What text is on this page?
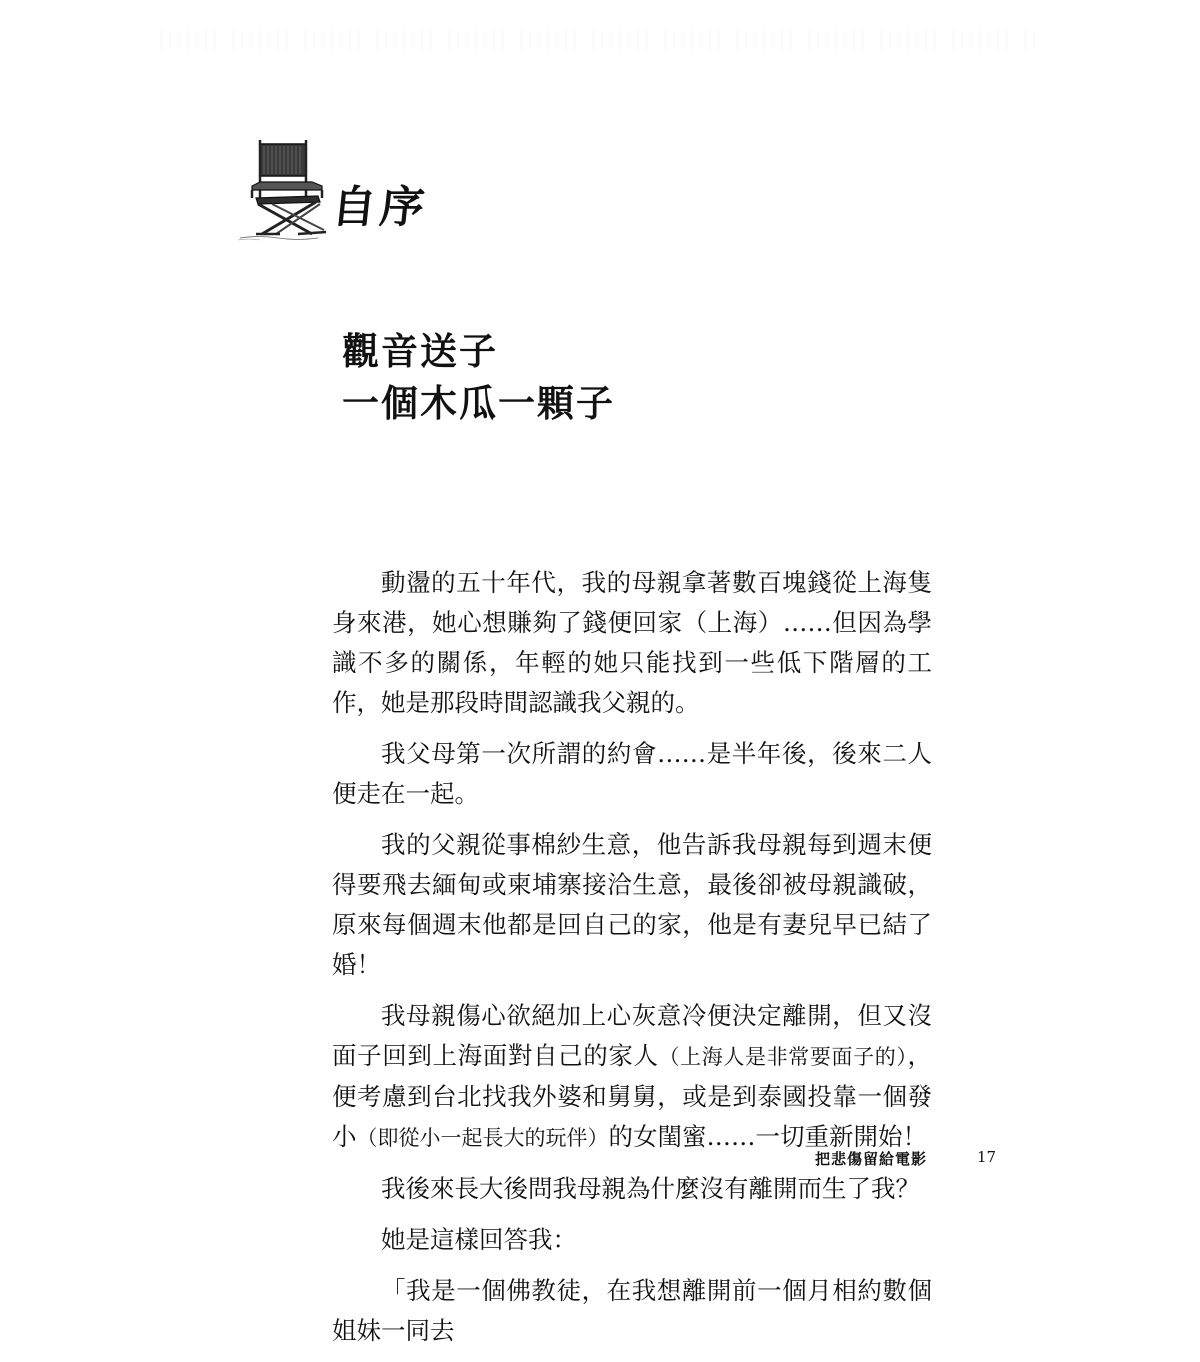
自序
觀音送子
一個木瓜一顆子

動盪的五十年代，我的母親拿著數百塊錢從上海隻身來港，她心想賺夠了錢便回家（上海）……但因為學識不多的關係，年輕的她只能找到一些低下階層的工作，她是那段時間認識我父親的。

我父母第一次所謂的約會……是半年後，後來二人便走在一起。

我的父親從事棉紗生意，他告訴我母親每到週末便得要飛去緬甸或柬埔寨接洽生意，最後卻被母親識破，原來每個週末他都是回自己的家，他是有妻兒早已結了婚！

我母親傷心欲絕加上心灰意冷便決定離開，但又沒面子回到上海面對自己的家人（上海人是非常要面子的），便考慮到台北找我外婆和舅舅，或是到泰國投靠一個發小（即從小一起長大的玩伴）的女閨蜜……一切重新開始！

我後來長大後問我母親為什麼沒有離開而生了我？

她是這樣回答我：

「我是一個佛教徒，在我想離開前一個月相約數個姐妹一同去

把悲傷留給電影	17
